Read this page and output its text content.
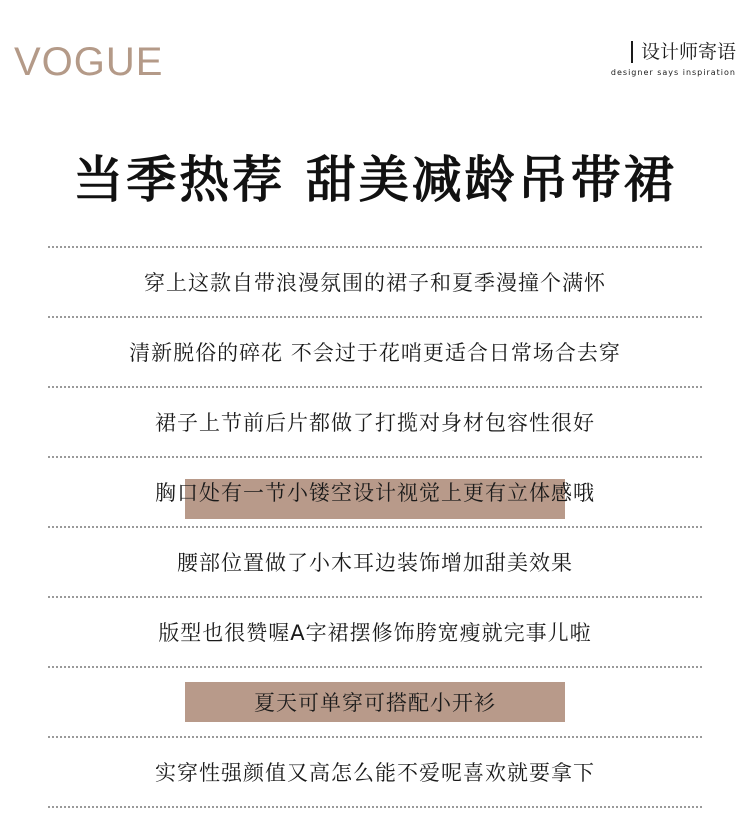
VOGUE	设计师寄语
designer says inspiration
当季热荐 甜美减龄吊带裙
穿上这款自带浪漫氛围的裙子和夏季漫撞个满怀
清新脱俗的碎花 不会过于花哨更适合日常场合去穿
裙子上节前后片都做了打揽对身材包容性很好
胸口处有一节小镂空设计视觉上更有立体感哦
腰部位置做了小木耳边装饰增加甜美效果
版型也很赞喔A字裙摆修饰胯宽瘦就完事儿啦
夏天可单穿可搭配小开衫
实穿性强颜值又高怎么能不爱呢喜欢就要拿下
